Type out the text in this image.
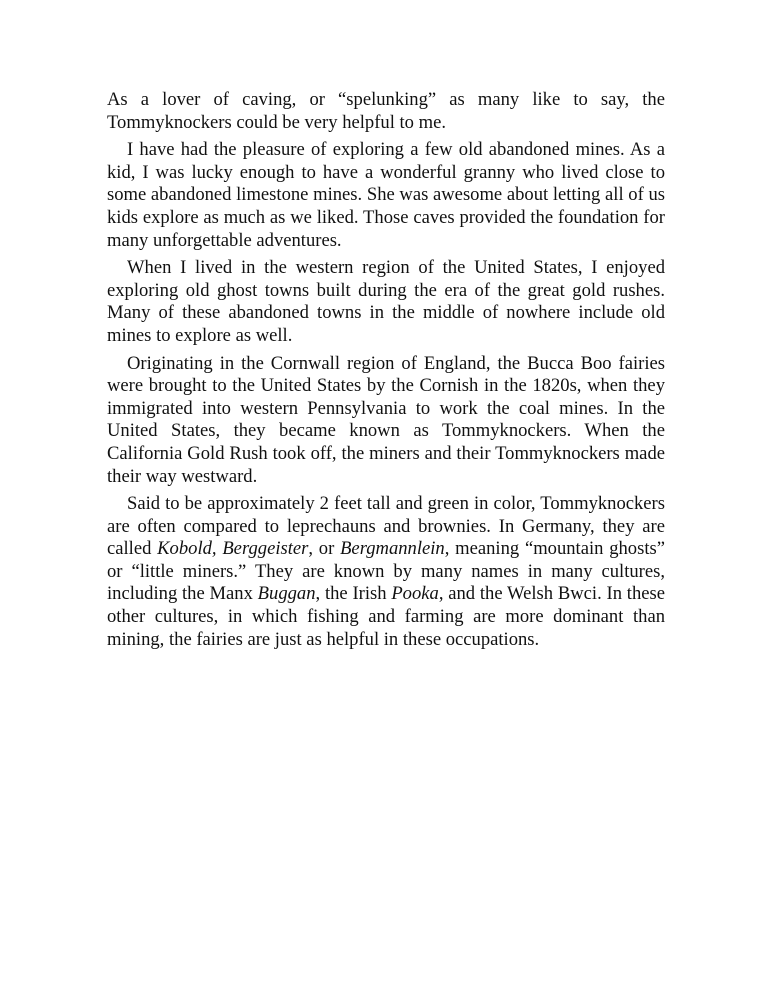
As a lover of caving, or “spelunking” as many like to say, the Tommyknockers could be very helpful to me.

I have had the pleasure of exploring a few old abandoned mines. As a kid, I was lucky enough to have a wonderful granny who lived close to some abandoned limestone mines. She was awesome about letting all of us kids explore as much as we liked. Those caves provided the foundation for many unforgettable adventures.

When I lived in the western region of the United States, I enjoyed exploring old ghost towns built during the era of the great gold rushes. Many of these abandoned towns in the middle of nowhere include old mines to explore as well.

Originating in the Cornwall region of England, the Bucca Boo fairies were brought to the United States by the Cornish in the 1820s, when they immigrated into western Pennsylvania to work the coal mines. In the United States, they became known as Tommyknockers. When the California Gold Rush took off, the miners and their Tommyknockers made their way westward.

Said to be approximately 2 feet tall and green in color, Tommyknockers are often compared to leprechauns and brownies. In Germany, they are called Kobold, Berggeister, or Bergmannlein, meaning “mountain ghosts” or “little miners.” They are known by many names in many cultures, including the Manx Buggan, the Irish Pooka, and the Welsh Bwci. In these other cultures, in which fishing and farming are more dominant than mining, the fairies are just as helpful in these occupations.
